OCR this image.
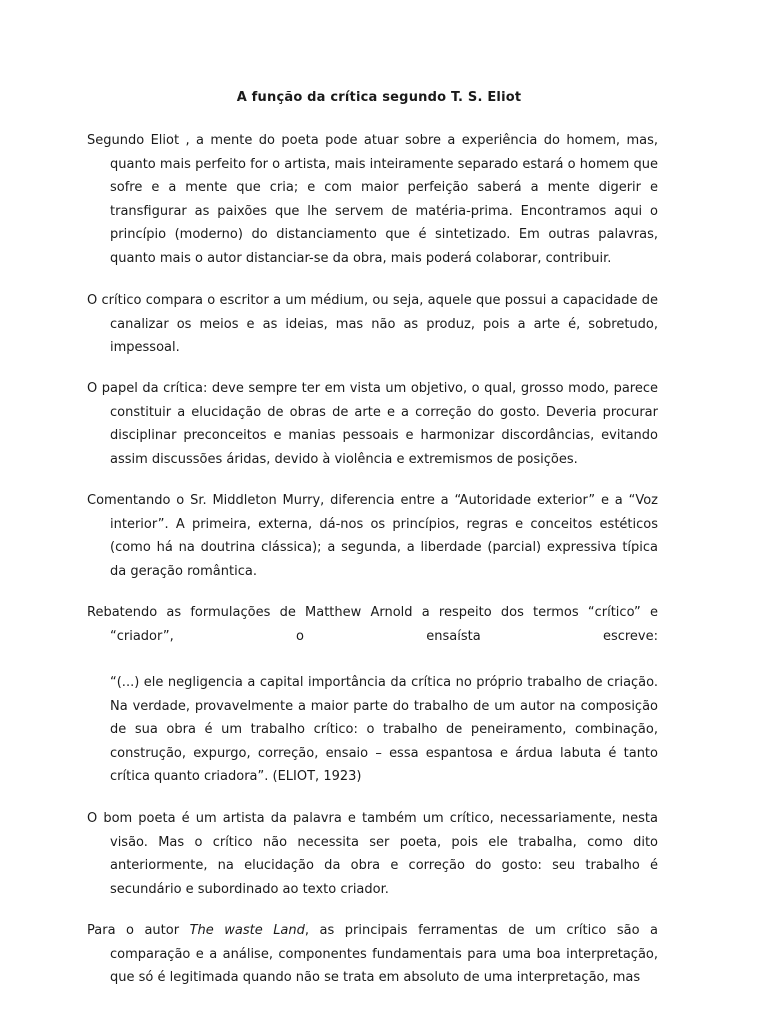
A função da crítica segundo T. S. Eliot

Segundo Eliot , a mente do poeta pode atuar sobre a experiência do homem, mas, quanto mais perfeito for o artista, mais inteiramente separado estará o homem que sofre e a mente que cria; e com maior perfeição saberá a mente digerir e transfigurar as paixões que lhe servem de matéria-prima. Encontramos aqui o princípio (moderno) do distanciamento que é sintetizado. Em outras palavras, quanto mais o autor distanciar-se da obra, mais poderá colaborar, contribuir.

O crítico compara o escritor a um médium, ou seja, aquele que possui a capacidade de canalizar os meios e as ideias, mas não as produz, pois a arte é, sobretudo, impessoal.

O papel da crítica: deve sempre ter em vista um objetivo, o qual, grosso modo, parece constituir a elucidação de obras de arte e a correção do gosto. Deveria procurar disciplinar preconceitos e manias pessoais e harmonizar discordâncias, evitando assim discussões áridas, devido à violência e extremismos de posições.

Comentando o Sr. Middleton Murry, diferencia entre a “Autoridade exterior” e a “Voz interior”. A primeira, externa, dá-nos os princípios, regras e conceitos estéticos (como há na doutrina clássica); a segunda, a liberdade (parcial) expressiva típica da geração romântica.

Rebatendo as formulações de Matthew Arnold a respeito dos termos “crítico” e “criador”, o ensaísta escreve:

“(...) ele negligencia a capital importância da crítica no próprio trabalho de criação. Na verdade, provavelmente a maior parte do trabalho de um autor na composição de sua obra é um trabalho crítico: o trabalho de peneiramento, combinação, construção, expurgo, correção, ensaio – essa espantosa e árdua labuta é tanto crítica quanto criadora”. (ELIOT, 1923)

O bom poeta é um artista da palavra e também um crítico, necessariamente, nesta visão. Mas o crítico não necessita ser poeta, pois ele trabalha, como dito anteriormente, na elucidação da obra e correção do gosto: seu trabalho é secundário e subordinado ao texto criador.

Para o autor The waste Land, as principais ferramentas de um crítico são a comparação e a análise, componentes fundamentais para uma boa interpretação, que só é legitimada quando não se trata em absoluto de uma interpretação, mas
